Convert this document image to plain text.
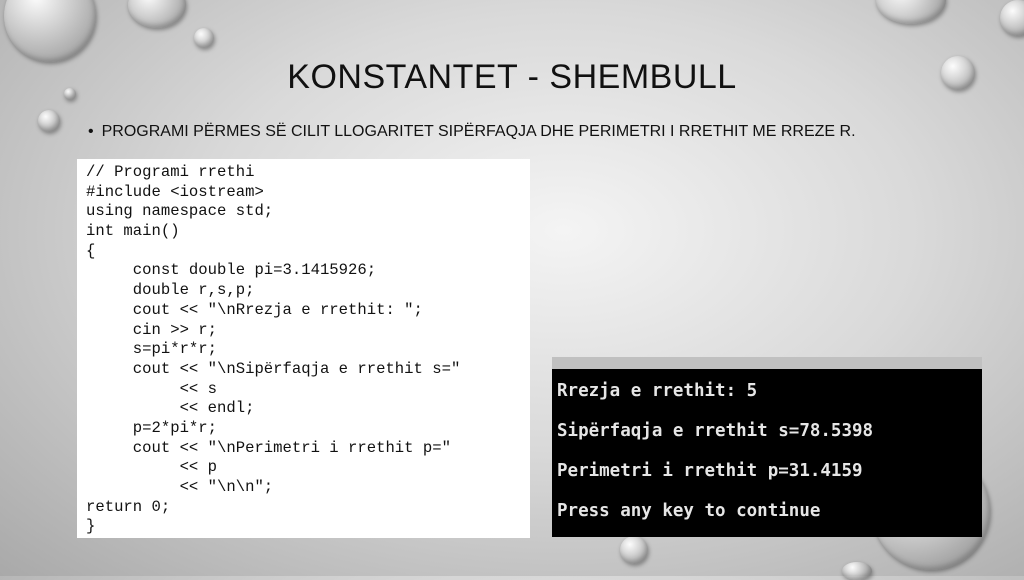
KONSTANTET - SHEMBULL
• PROGRAMI PËRMES SË CILIT LLOGARITET SIPËRFAQJA DHE PERIMETRI I RRETHIT ME RREZE R.
// Programi rrethi
#include <iostream>
using namespace std;
int main()
{
const double pi=3.1415926;
double r,s,p;
cout << "\nRrezja e rrethit: ";
cin >> r;
s=pi*r*r;
cout << "\nSipërfaqja e rrethit s="
<< s
<< endl;
p=2*pi*r;
cout << "\nPerimetri i rrethit p="
<< p
<< "\n\n";
return 0;
}
Rrezja e rrethit: 5
Sipërfaqja e rrethit s=78.5398
Perimetri i rrethit p=31.4159
Press any key to continue
